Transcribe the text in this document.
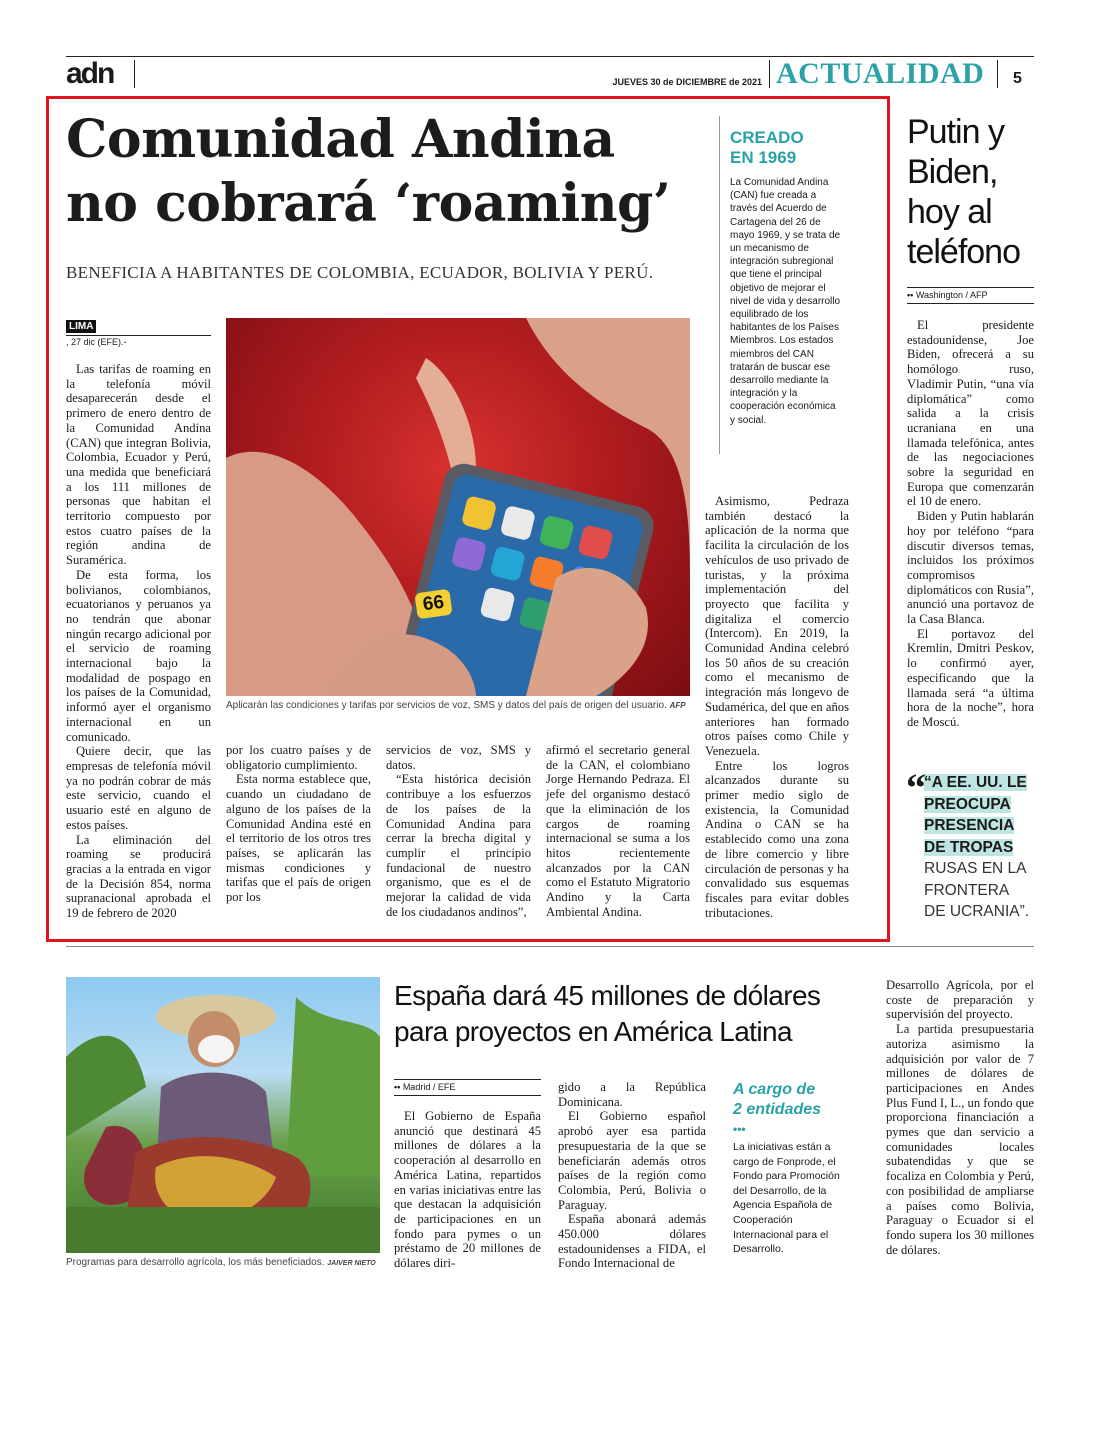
adn	JUEVES 30 de DICIEMBRE de 2021 ACTUALIDAD 5
Comunidad Andina
no cobrará ‘roaming’
BENEFICIA A HABITANTES DE COLOMBIA, ECUADOR, BOLIVIA Y PERÚ.
CREADO
EN 1969
La Comunidad Andina (CAN) fue creada a través del Acuerdo de Cartagena del 26 de mayo 1969, y se trata de un mecanismo de integración subregional que tiene el principal objetivo de mejorar el nivel de vida y desarrollo equilibrado de los habitantes de los Países Miembros. Los estados miembros del CAN tratarán de buscar ese desarrollo mediante la integración y la cooperación económica y social.
LIMA
, 27 dic (EFE).-
66
Aplicarán las condiciones y tarifas por servicios de voz, SMS y datos del país de origen del usuario. AFP

Las tarifas de roaming en la telefonía móvil desaparecerán desde el primero de enero dentro de la Comunidad Andina (CAN) que integran Bolivia, Colombia, Ecuador y Perú, una medida que beneficiará a los 111 millones de personas que habitan el territorio compuesto por estos cuatro países de la región andina de Suramérica.

De esta forma, los bolivianos, colombianos, ecuatorianos y peruanos ya no tendrán que abonar ningún recargo adicional por el servicio de roaming internacional bajo la modalidad de pospago en los países de la Comunidad, informó ayer el organismo internacional en un comunicado.

Quiere decir, que las empresas de telefonía móvil ya no podrán cobrar de más este servicio, cuando el usuario esté en alguno de estos países.

La eliminación del roaming se producirá gracias a la entrada en vigor de la Decisión 854, norma supranacional aprobada el 19 de febrero de 2020

por los cuatro países y de obligatorio cumplimiento.

Esta norma establece que, cuando un ciudadano de alguno de los países de la Comunidad Andina esté en el territorio de los otros tres países, se aplicarán las mismas condiciones y tarifas que el país de origen por los

servicios de voz, SMS y datos.

“Esta histórica decisión contribuye a los esfuerzos de los países de la Comunidad Andina para cerrar la brecha digital y cumplir el principio fundacional de nuestro organismo, que es el de mejorar la calidad de vida de los ciudadanos andinos”,

afirmó el secretario general de la CAN, el colombiano Jorge Hernando Pedraza. El jefe del organismo destacó que la eliminación de los cargos de roaming internacional se suma a los hitos recientemente alcanzados por la CAN como el Estatuto Migratorio Andino y la Carta Ambiental Andina.

Asimismo, Pedraza también destacó la aplicación de la norma que facilita la circulación de los vehículos de uso privado de turistas, y la próxima implementación del proyecto que facilita y digitaliza el comercio (Intercom). En 2019, la Comunidad Andina celebró los 50 años de su creación como el mecanismo de integración más longevo de Sudamérica, del que en años anteriores han formado otros países como Chile y Venezuela.

Entre los logros alcanzados durante su primer medio siglo de existencia, la Comunidad Andina o CAN se ha establecido como una zona de libre comercio y libre circulación de personas y ha convalidado sus esquemas fiscales para evitar dobles tributaciones.

Putin y Biden, hoy al teléfono
•• Washington / AFP

El presidente estadounidense, Joe Biden, ofrecerá a su homólogo ruso, Vladimir Putin, “una vía diplomática” como salida a la crisis ucraniana en una llamada telefónica, antes de las negociaciones sobre la seguridad en Europa que comenzarán el 10 de enero.

Biden y Putin hablarán hoy por teléfono “para discutir diversos temas, incluidos los próximos compromisos diplomáticos con Rusia”, anunció una portavoz de la Casa Blanca.

El portavoz del Kremlin, Dmitri Peskov, lo confirmó ayer, especificando que la llamada será “a última hora de la noche”, hora de Moscú.

“
“A EE. UU. LE
PREOCUPA
PRESENCIA
DE TROPAS
RUSAS EN LA
FRONTERA
DE UCRANIA”.
Programas para desarrollo agrícola, los más beneficiados. JAIVER NIETO
España dará 45 millones de dólares
para proyectos en América Latina
•• Madrid / EFE

El Gobierno de España anunció que destinará 45 millones de dólares a la cooperación al desarrollo en América Latina, repartidos en varias iniciativas entre las que destacan la adquisición de participaciones en un fondo para pymes o un préstamo de 20 millones de dólares diri-

gido a la República Dominicana.

El Gobierno español aprobó ayer esa partida presupuestaria de la que se beneficiarán además otros países de la región como Colombia, Perú, Bolivia o Paraguay.

España abonará además 450.000 dólares estadounidenses a FIDA, el Fondo Internacional de

A cargo de
2 entidades
•••
La iniciativas están a cargo de Fonprode, el Fondo para Promoción del Desarrollo, de la Agencia Española de Cooperación Internacional para el Desarrollo.

Desarrollo Agrícola, por el coste de preparación y supervisión del proyecto.

La partida presupuestaria autoriza asimismo la adquisición por valor de 7 millones de dólares de participaciones en Andes Plus Fund I, L., un fondo que proporciona financiación a pymes que dan servicio a comunidades locales subatendidas y que se focaliza en Colombia y Perú, con posibilidad de ampliarse a países como Bolivia, Paraguay o Ecuador si el fondo supera los 30 millones de dólares.
